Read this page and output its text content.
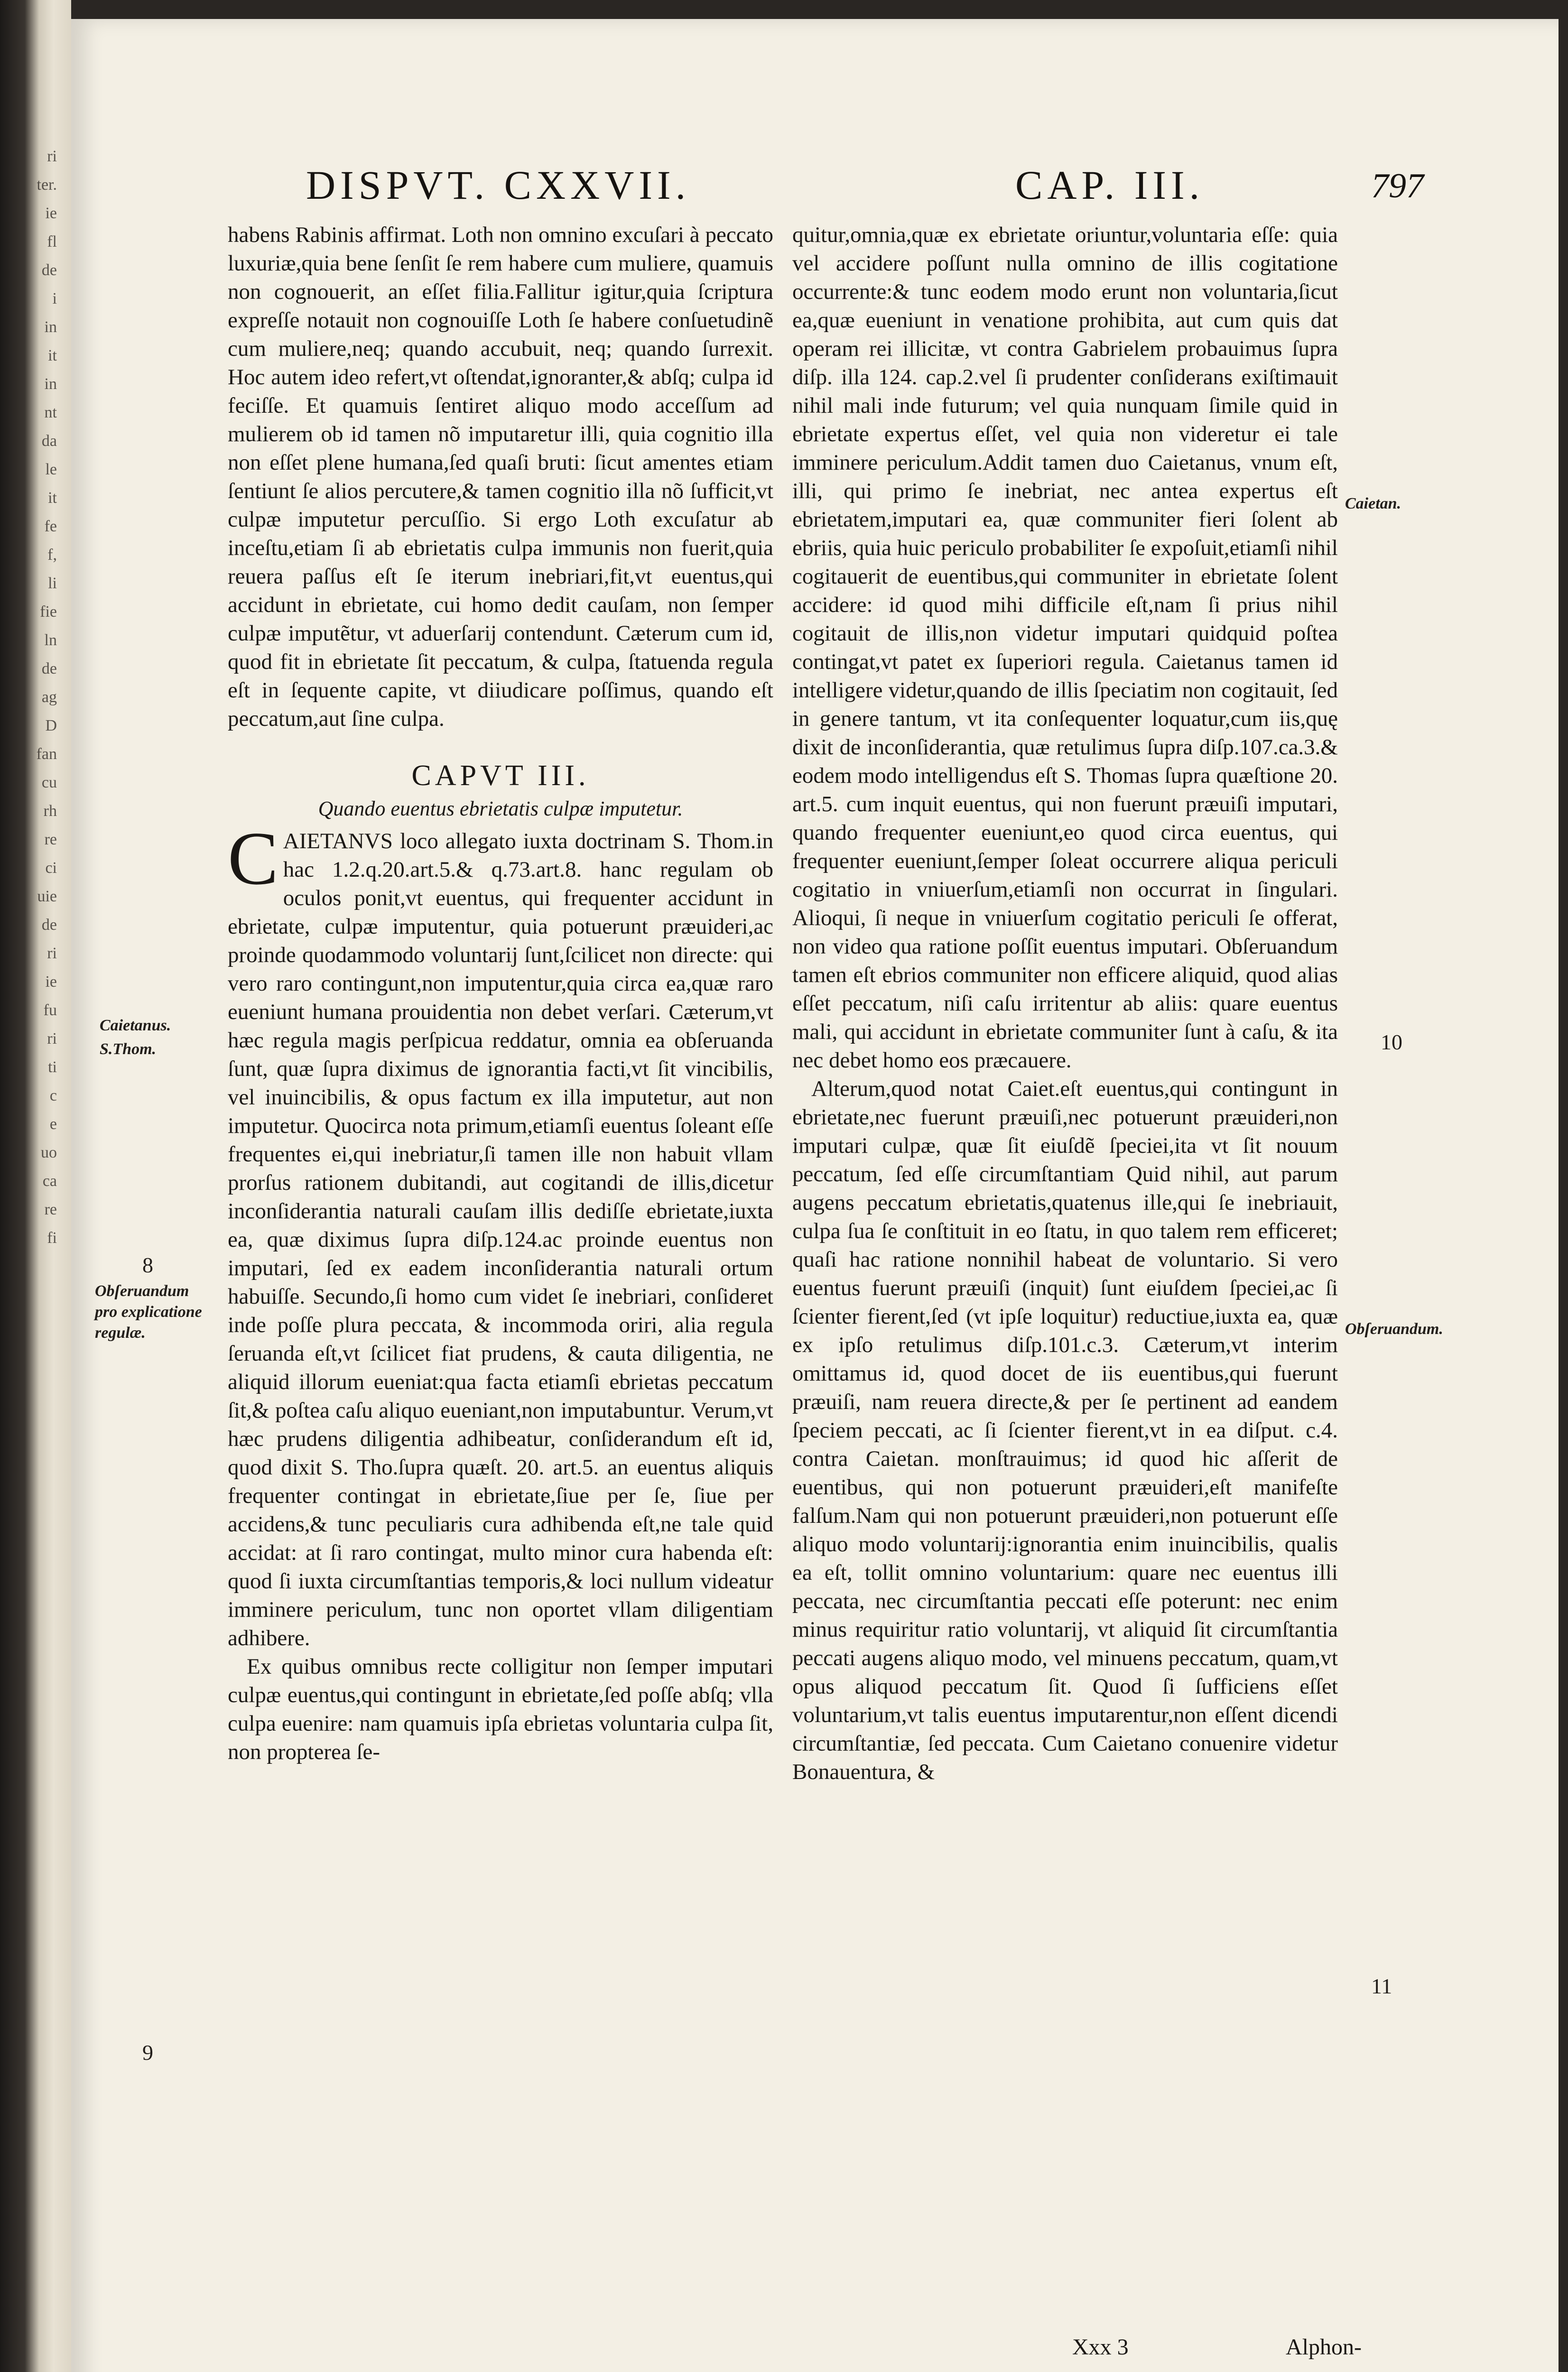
ri
ter.
ie
fl
de
i
in
it
in
nt
da
le
it
fe
f,
li
fie
ln
de
ag
D
fan
cu
rh
re
ci
uie
de
ri
ie
fu
ri
ti
c
e
uo
ca
re
fi
DISPVT. CXXVII.	CAP. III.	797

habens Rabinis affirmat. Loth non omnino excuſari à peccato luxuriæ,quia bene ſenſit ſe rem habere cum muliere, quamuis non cognouerit, an eſſet filia.Fallitur igitur,quia ſcriptura expreſſe notauit non cognouiſſe Loth ſe habere conſuetudinẽ cum muliere,neq; quando accubuit, neq; quando ſurrexit. Hoc autem ideo refert,vt oſtendat,ignoranter,& abſq; culpa id feciſſe. Et quamuis ſentiret aliquo modo acceſſum ad mulierem ob id tamen nõ imputaretur illi, quia cognitio illa non eſſet plene humana,ſed quaſi bruti: ſicut amentes etiam ſentiunt ſe alios percutere,& tamen cognitio illa nõ ſufficit,vt culpæ imputetur percuſſio. Si ergo Loth excuſatur ab inceſtu,etiam ſi ab ebrietatis culpa immunis non fuerit,quia reuera paſſus eſt ſe iterum inebriari,fit,vt euentus,qui accidunt in ebrietate, cui homo dedit cauſam, non ſemper culpæ imputẽtur, vt aduerſarij contendunt. Cæterum cum id, quod fit in ebrietate ſit peccatum, & culpa, ſtatuenda regula eſt in ſequente capite, vt diiudicare poſſimus, quando eſt peccatum,aut ſine culpa.

CAPVT III.
Quando euentus ebrietatis culpæ imputetur.

C AIETANVS loco allegato iuxta doctrinam S. Thom.in hac 1.2.q.20.art.5.& q.73.art.8. hanc regulam ob oculos ponit,vt euentus, qui frequenter accidunt in ebrietate, culpæ imputentur, quia potuerunt præuideri,ac proinde quodammodo voluntarij ſunt,ſcilicet non directe: qui vero raro contingunt,non imputentur,quia circa ea,quæ raro eueniunt humana prouidentia non debet verſari. Cæterum,vt hæc regula magis perſpicua reddatur, omnia ea obſeruanda ſunt, quæ ſupra diximus de ignorantia facti,vt ſit vincibilis, vel inuincibilis, & opus factum ex illa imputetur, aut non imputetur. Quocirca nota primum,etiamſi euentus ſoleant eſſe frequentes ei,qui inebriatur,ſi tamen ille non habuit vllam prorſus rationem dubitandi, aut cogitandi de illis,dicetur inconſiderantia naturali cauſam illis dediſſe ebrietate,iuxta ea, quæ diximus ſupra diſp.124.ac proinde euentus non imputari, ſed ex eadem inconſiderantia naturali ortum habuiſſe. Secundo,ſi homo cum videt ſe inebriari, conſideret inde poſſe plura peccata, & incommoda oriri, alia regula ſeruanda eſt,vt ſcilicet fiat prudens, & cauta diligentia, ne aliquid illorum eueniat:qua facta etiamſi ebrietas peccatum ſit,& poſtea caſu aliquo eueniant,non imputabuntur. Verum,vt hæc prudens diligentia adhibeatur, conſiderandum eſt id, quod dixit S. Tho.ſupra quæſt. 20. art.5. an euentus aliquis frequenter contingat in ebrietate,ſiue per ſe, ſiue per accidens,& tunc peculiaris cura adhibenda eſt,ne tale quid accidat: at ſi raro contingat, multo minor cura habenda eſt: quod ſi iuxta circumſtantias temporis,& loci nullum videatur imminere periculum, tunc non oportet vllam diligentiam adhibere.

Ex quibus omnibus recte colligitur non ſemper imputari culpæ euentus,qui contingunt in ebrietate,ſed poſſe abſq; vlla culpa euenire: nam quamuis ipſa ebrietas voluntaria culpa ſit, non propterea ſe-

quitur,omnia,quæ ex ebrietate oriuntur,voluntaria eſſe: quia vel accidere poſſunt nulla omnino de illis cogitatione occurrente:& tunc eodem modo erunt non voluntaria,ſicut ea,quæ eueniunt in venatione prohibita, aut cum quis dat operam rei illicitæ, vt contra Gabrielem probauimus ſupra diſp. illa 124. cap.2.vel ſi prudenter conſiderans exiſtimauit nihil mali inde futurum; vel quia nunquam ſimile quid in ebrietate expertus eſſet, vel quia non videretur ei tale imminere periculum.Addit tamen duo Caietanus, vnum eſt, illi, qui primo ſe inebriat, nec antea expertus eſt ebrietatem,imputari ea, quæ communiter fieri ſolent ab ebriis, quia huic periculo probabiliter ſe expoſuit,etiamſi nihil cogitauerit de euentibus,qui communiter in ebrietate ſolent accidere: id quod mihi difficile eſt,nam ſi prius nihil cogitauit de illis,non videtur imputari quidquid poſtea contingat,vt patet ex ſuperiori regula. Caietanus tamen id intelligere videtur,quando de illis ſpeciatim non cogitauit, ſed in genere tantum, vt ita conſequenter loquatur,cum iis,quę dixit de inconſiderantia, quæ retulimus ſupra diſp.107.ca.3.& eodem modo intelligendus eſt S. Thomas ſupra quæſtione 20. art.5. cum inquit euentus, qui non fuerunt præuiſi imputari, quando frequenter eueniunt,eo quod circa euentus, qui frequenter eueniunt,ſemper ſoleat occurrere aliqua periculi cogitatio in vniuerſum,etiamſi non occurrat in ſingulari. Alioqui, ſi neque in vniuerſum cogitatio periculi ſe offerat, non video qua ratione poſſit euentus imputari. Obſeruandum tamen eſt ebrios communiter non efficere aliquid, quod alias eſſet peccatum, niſi caſu irritentur ab aliis: quare euentus mali, qui accidunt in ebrietate communiter ſunt à caſu, & ita nec debet homo eos præcauere.

Alterum,quod notat Caiet.eſt euentus,qui contingunt in ebrietate,nec fuerunt præuiſi,nec potuerunt præuideri,non imputari culpæ, quæ ſit eiuſdẽ ſpeciei,ita vt ſit nouum peccatum, ſed eſſe circumſtantiam Quid nihil, aut parum augens peccatum ebrietatis,quatenus ille,qui ſe inebriauit, culpa ſua ſe conſtituit in eo ſtatu, in quo talem rem efficeret; quaſi hac ratione nonnihil habeat de voluntario. Si vero euentus fuerunt præuiſi (inquit) ſunt eiuſdem ſpeciei,ac ſi ſcienter fierent,ſed (vt ipſe loquitur) reductiue,iuxta ea, quæ ex ipſo retulimus diſp.101.c.3. Cæterum,vt interim omittamus id, quod docet de iis euentibus,qui fuerunt præuiſi, nam reuera directe,& per ſe pertinent ad eandem ſpeciem peccati, ac ſi ſcienter fierent,vt in ea diſput. c.4. contra Caietan. monſtrauimus; id quod hic aſſerit de euentibus, qui non potuerunt præuideri,eſt manifeſte falſum.Nam qui non potuerunt præuideri,non potuerunt eſſe aliquo modo voluntarij:ignorantia enim inuincibilis, qualis ea eſt, tollit omnino voluntarium: quare nec euentus illi peccata, nec circumſtantia peccati eſſe poterunt: nec enim minus requiritur ratio voluntarij, vt aliquid ſit circumſtantia peccati augens aliquo modo, vel minuens peccatum, quam,vt opus aliquod peccatum ſit. Quod ſi ſufficiens eſſet voluntarium,vt talis euentus imputarentur,non eſſent dicendi circumſtantiæ, ſed peccata. Cum Caietano conuenire videtur Bonauentura, &

Caietan.
Caietanus.
S.Thom.
8
Obſeruandum pro explicatione regulæ.
9
10
Obſeruandum.
11
Xxx 3	Alphon-
